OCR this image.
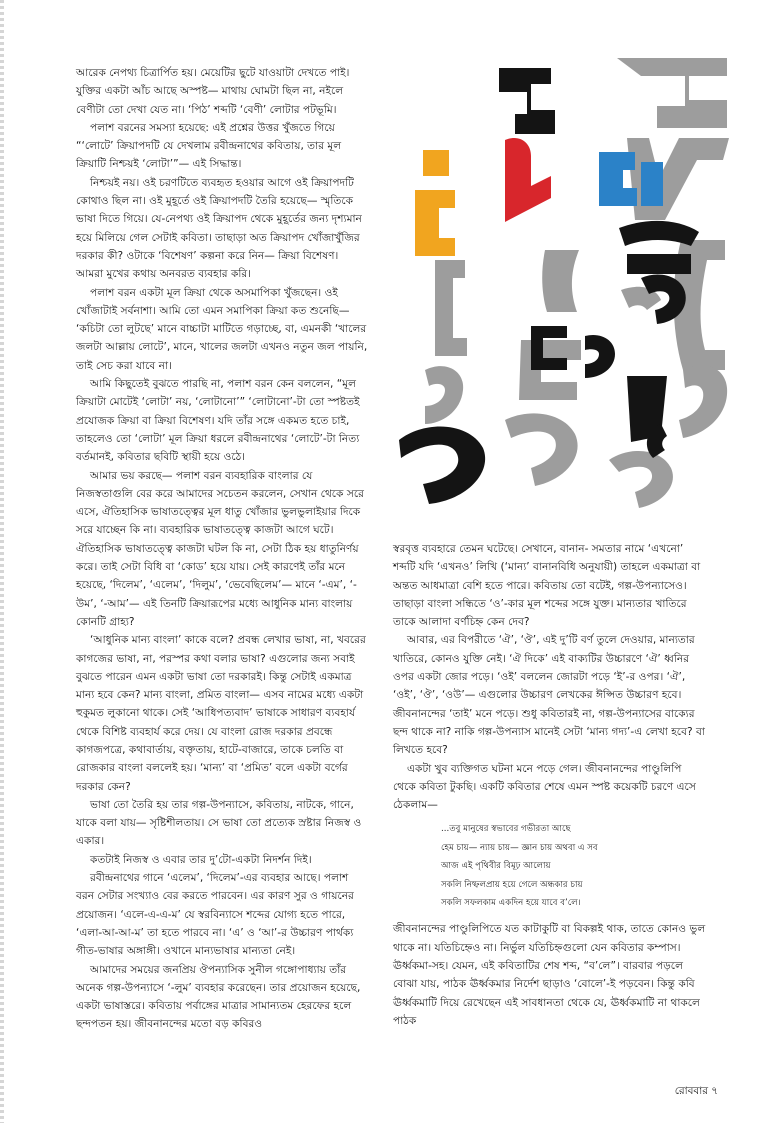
আরেক নেপথ্য চিত্রার্পিত হয়। মেয়েটির ছুটে যাওয়াটা দেখতে পাই। যুক্তির একটা আঁচ আছে অস্পষ্ট— মাথায় ঘোমটা ছিল না, নইলে বেণীটা তো দেখা যেত না। ‘পিঠ’ শব্দটি ‘বেণী’ লোটার পটভূমি।

পলাশ বরনের সমস্যা হয়েছে: এই প্রশ্নের উত্তর খুঁজতে গিয়ে “‘লোটে’ ক্রিয়াপদটি যে দেখলাম রবীন্দ্রনাথের কবিতায়, তার মূল ক্রিয়াটি নিশ্চয়ই ‘লোটা’”— এই সিদ্ধান্ত।

নিশ্চয়ই নয়। ওই চরণটিতে ব্যবহৃত হওয়ার আগে ওই ক্রিয়াপদটি কোথাও ছিল না। ওই মুহূর্তে ওই ক্রিয়াপদটি তৈরি হয়েছে— স্মৃতিকে ভাষা দিতে গিয়ে। যে-নেপথ্য ওই ক্রিয়াপদ থেকে মুহূর্তের জন্য দৃশ্যমান হয়ে মিলিয়ে গেল সেটাই কবিতা। তাছাড়া অত ক্রিয়াপদ খোঁজাখুঁজির দরকার কী? ওটাকে ‘বিশেষণ’ কল্পনা করে নিন— ক্রিয়া বিশেষণ। আমরা মুখের কথায় অনবরত ব্যবহার করি।

পলাশ বরন একটা মূল ক্রিয়া থেকে অসমাপিকা খুঁজছেন। ওই খোঁজাটাই সর্বনাশা। আমি তো এমন সমাপিকা ক্রিয়া কত শুনেছি— ‘কচিটা তো লুটছে’ মানে বাচ্চাটা মাটিতে গড়াচ্ছে, বা, এমনকী ‘খালের জলটা আল্লায় লোটে’, মানে, খালের জলটা এখনও নতুন জল পায়নি, তাই সেচ করা যাবে না।

আমি কিছুতেই বুঝতে পারছি না, পলাশ বরন কেন বললেন, “মূল ক্রিয়াটা মোটেই ‘লোটা’ নয়, ‘লোটানো’” ‘লোটানো’-টা তো স্পষ্টতই প্রযোজক ক্রিয়া বা ক্রিয়া বিশেষণ। যদি তাঁর সঙ্গে একমত হতে চাই, তাহলেও তো ‘লোটা’ মূল ক্রিয়া ধরলে রবীন্দ্রনাথের ‘লোটে’-টা নিত্য বর্তমানই, কবিতার ছবিটি স্থায়ী হয়ে ওঠে।

আমার ভয় করছে— পলাশ বরন ব্যবহারিক বাংলার যে নিজস্বতাগুলি বের করে আমাদের সচেতন করলেন, সেখান থেকে সরে এসে, ঐতিহাসিক ভাষাতত্ত্বের মূল ধাতু খোঁজার ভুলভুলাইয়ার দিকে সরে যাচ্ছেন কি না। ব্যবহারিক ভাষাতত্ত্বে কাজটা আগে ঘটে। ঐতিহাসিক ভাষাতত্ত্বে কাজটা ঘটল কি না, সেটা ঠিক হয় ধাতুনির্ণয় করে। তাই সেটা বিধি বা ‘কোড’ হয়ে যায়। সেই কারণেই তাঁর মনে হয়েছে, ‘দিলেম’, ‘এলেম’, ‘দিলুম’, ‘ভেবেছিলেম’— মানে ‘-এম’, ‘-উম’, ‘-আম’— এই তিনটি ক্রিয়ারূপের মধ্যে আধুনিক মান্য বাংলায় কোনটি গ্রাহ্য?

‘আধুনিক মান্য বাংলা’ কাকে বলে? প্রবন্ধ লেখার ভাষা, না, খবরের কাগজের ভাষা, না, পরস্পর কথা বলার ভাষা? এগুলোর জন্য সবাই বুঝতে পারেন এমন একটা ভাষা তো দরকারই। কিন্তু সেটাই একমাত্র মান্য হবে কেন? মান্য বাংলা, প্রমিত বাংলা— এসব নামের মধ্যে একটা হুকুমত লুকানো থাকে। সেই ‘আধিপত্যবাদ’ ভাষাকে সাধারণ ব্যবহার্য থেকে বিশিষ্ট ব্যবহার্য করে দেয়। যে বাংলা রোজ দরকার প্রবন্ধে কাগজপত্রে, কথাবার্তায়, বক্তৃতায়, হাটে-বাজারে, তাকে চলতি বা রোজকার বাংলা বললেই হয়। ‘মান্য’ বা ‘প্রমিত’ বলে একটা বর্গের দরকার কেন?

ভাষা তো তৈরি হয় তার গল্প-উপন্যাসে, কবিতায়, নাটকে, গানে, যাকে বলা যায়— সৃষ্টিশীলতায়। সে ভাষা তো প্রত্যেক স্রষ্টার নিজস্ব ও একার।

কতটাই নিজস্ব ও এবার তার দু’টো-একটা নিদর্শন দিই।

রবীন্দ্রনাথের গানে ‘এলেম’, ‘দিলেম’-এর ব্যবহার আছে। পলাশ বরন সেটার সংখ্যাও বের করতে পারবেন। এর কারণ সুর ও গায়নের প্রয়োজন। ‘এলে-এ-এ-ম’ যে স্বরবিন্যাসে শব্দের যোগ্য হতে পারে, ‘এলা-আ-আ-ম’ তা হতে পারবে না। ‘এ’ ও ‘আ’-র উচ্চারণ পার্থক্য গীত-ভাষার অঙ্গাঙ্গী। ওখানে মান্যভাষার মান্যতা নেই।

আমাদের সময়ের জনপ্রিয় ঔপন্যাসিক সুনীল গঙ্গোপাধ্যায় তাঁর অনেক গল্প-উপন্যাসে ‘-লুম’ ব্যবহার করেছেন। তার প্রয়োজন হয়েছে, একটা ভাষাস্তরে। কবিতায় পর্বাঙ্গের মাত্রার সামান্যতম হেরফের হলে ছন্দপতন হয়। জীবনানন্দের মতো বড় কবিরও

স্বরবৃত্ত ব্যবহারে তেমন ঘটেছে। সেখানে, বানান- সমতার নামে ‘এখনো’ শব্দটি যদি ‘এখনও’ লিখি (‘মান্য’ বানানবিধি অনুযায়ী) তাহলে একমাত্রা বা অন্তত আধমাত্রা বেশি হতে পারে। কবিতায় তো বটেই, গল্প-উপন্যাসেও। তাছাড়া বাংলা সন্ধিতে ‘ও’-কার মূল শব্দের সঙ্গে যুক্ত। মান্যতার খাতিরে তাকে আলাদা বর্ণচিহ্ন কেন দেব?

আবার, এর বিপরীতে ‘ঐ’, ‘ঔ’, এই দু’টি বর্ণ তুলে দেওয়ার, মান্যতার খাতিরে, কোনও যুক্তি নেই। ‘ঐ দিকে’ এই বাক্যটির উচ্চারণে ‘ঐ’ ধ্বনির ওপর একটা জোর পড়ে। ‘ওই’ বললেন জোরটা পড়ে ‘ই’-র ওপর। ‘ঐ’, ‘ওই’, ‘ঔ’, ‘ওউ’— এগুলোর উচ্চারণ লেখকের ঈপ্সিত উচ্চারণ হবে। জীবনানন্দের ‘তাই’ মনে পড়ে। শুধু কবিতারই না, গল্প-উপন্যাসের বাক্যের ছন্দ থাকে না? নাকি গল্প-উপন্যাস মানেই সেটা ‘মান্য গদ্য’-এ লেখা হবে? বা লিখতে হবে?

একটা খুব ব্যক্তিগত ঘটনা মনে পড়ে গেল। জীবনানন্দের পাণ্ডুলিপি থেকে কবিতা টুকছি। একটি কবিতার শেষে এমন স্পষ্ট কয়েকটি চরণে এসে ঠেকলাম—

...তবু মানুষের স্বভাবের গভীরতা আছে

হেম চায়— ন্যায় চায়— জ্ঞান চায় অথবা এ সব

আজ এই পৃথিবীর বিমূঢ় আলোয়

সকলি নিষ্ফলপ্রায় হয়ে গেলে অন্ধকার চায়

সকলি সফলকাম একদিন হয়ে যাবে ব’লে।

জীবনানন্দের পাণ্ডুলিপিতে যত কাটাকুটি বা বিকল্পই থাক, তাতে কোনও ভুল থাকে না। যতিচিহ্নেও না। নির্ভুল যতিচিহ্নগুলো যেন কবিতার কম্পাস। ঊর্ধ্বকমা-সহ। যেমন, এই কবিতাটির শেষ শব্দ, “ব’লে”। বারবার পড়লে বোঝা যায়, পাঠক ঊর্ধ্বকমার নির্দেশ ছাড়াও ‘বোলে’-ই পড়বেন। কিন্তু কবি ঊর্ধ্বকমাটি দিয়ে রেখেছেন এই সাবধানতা থেকে যে, ঊর্ধ্বকমাটি না থাকলে পাঠক

রোববার ৭
